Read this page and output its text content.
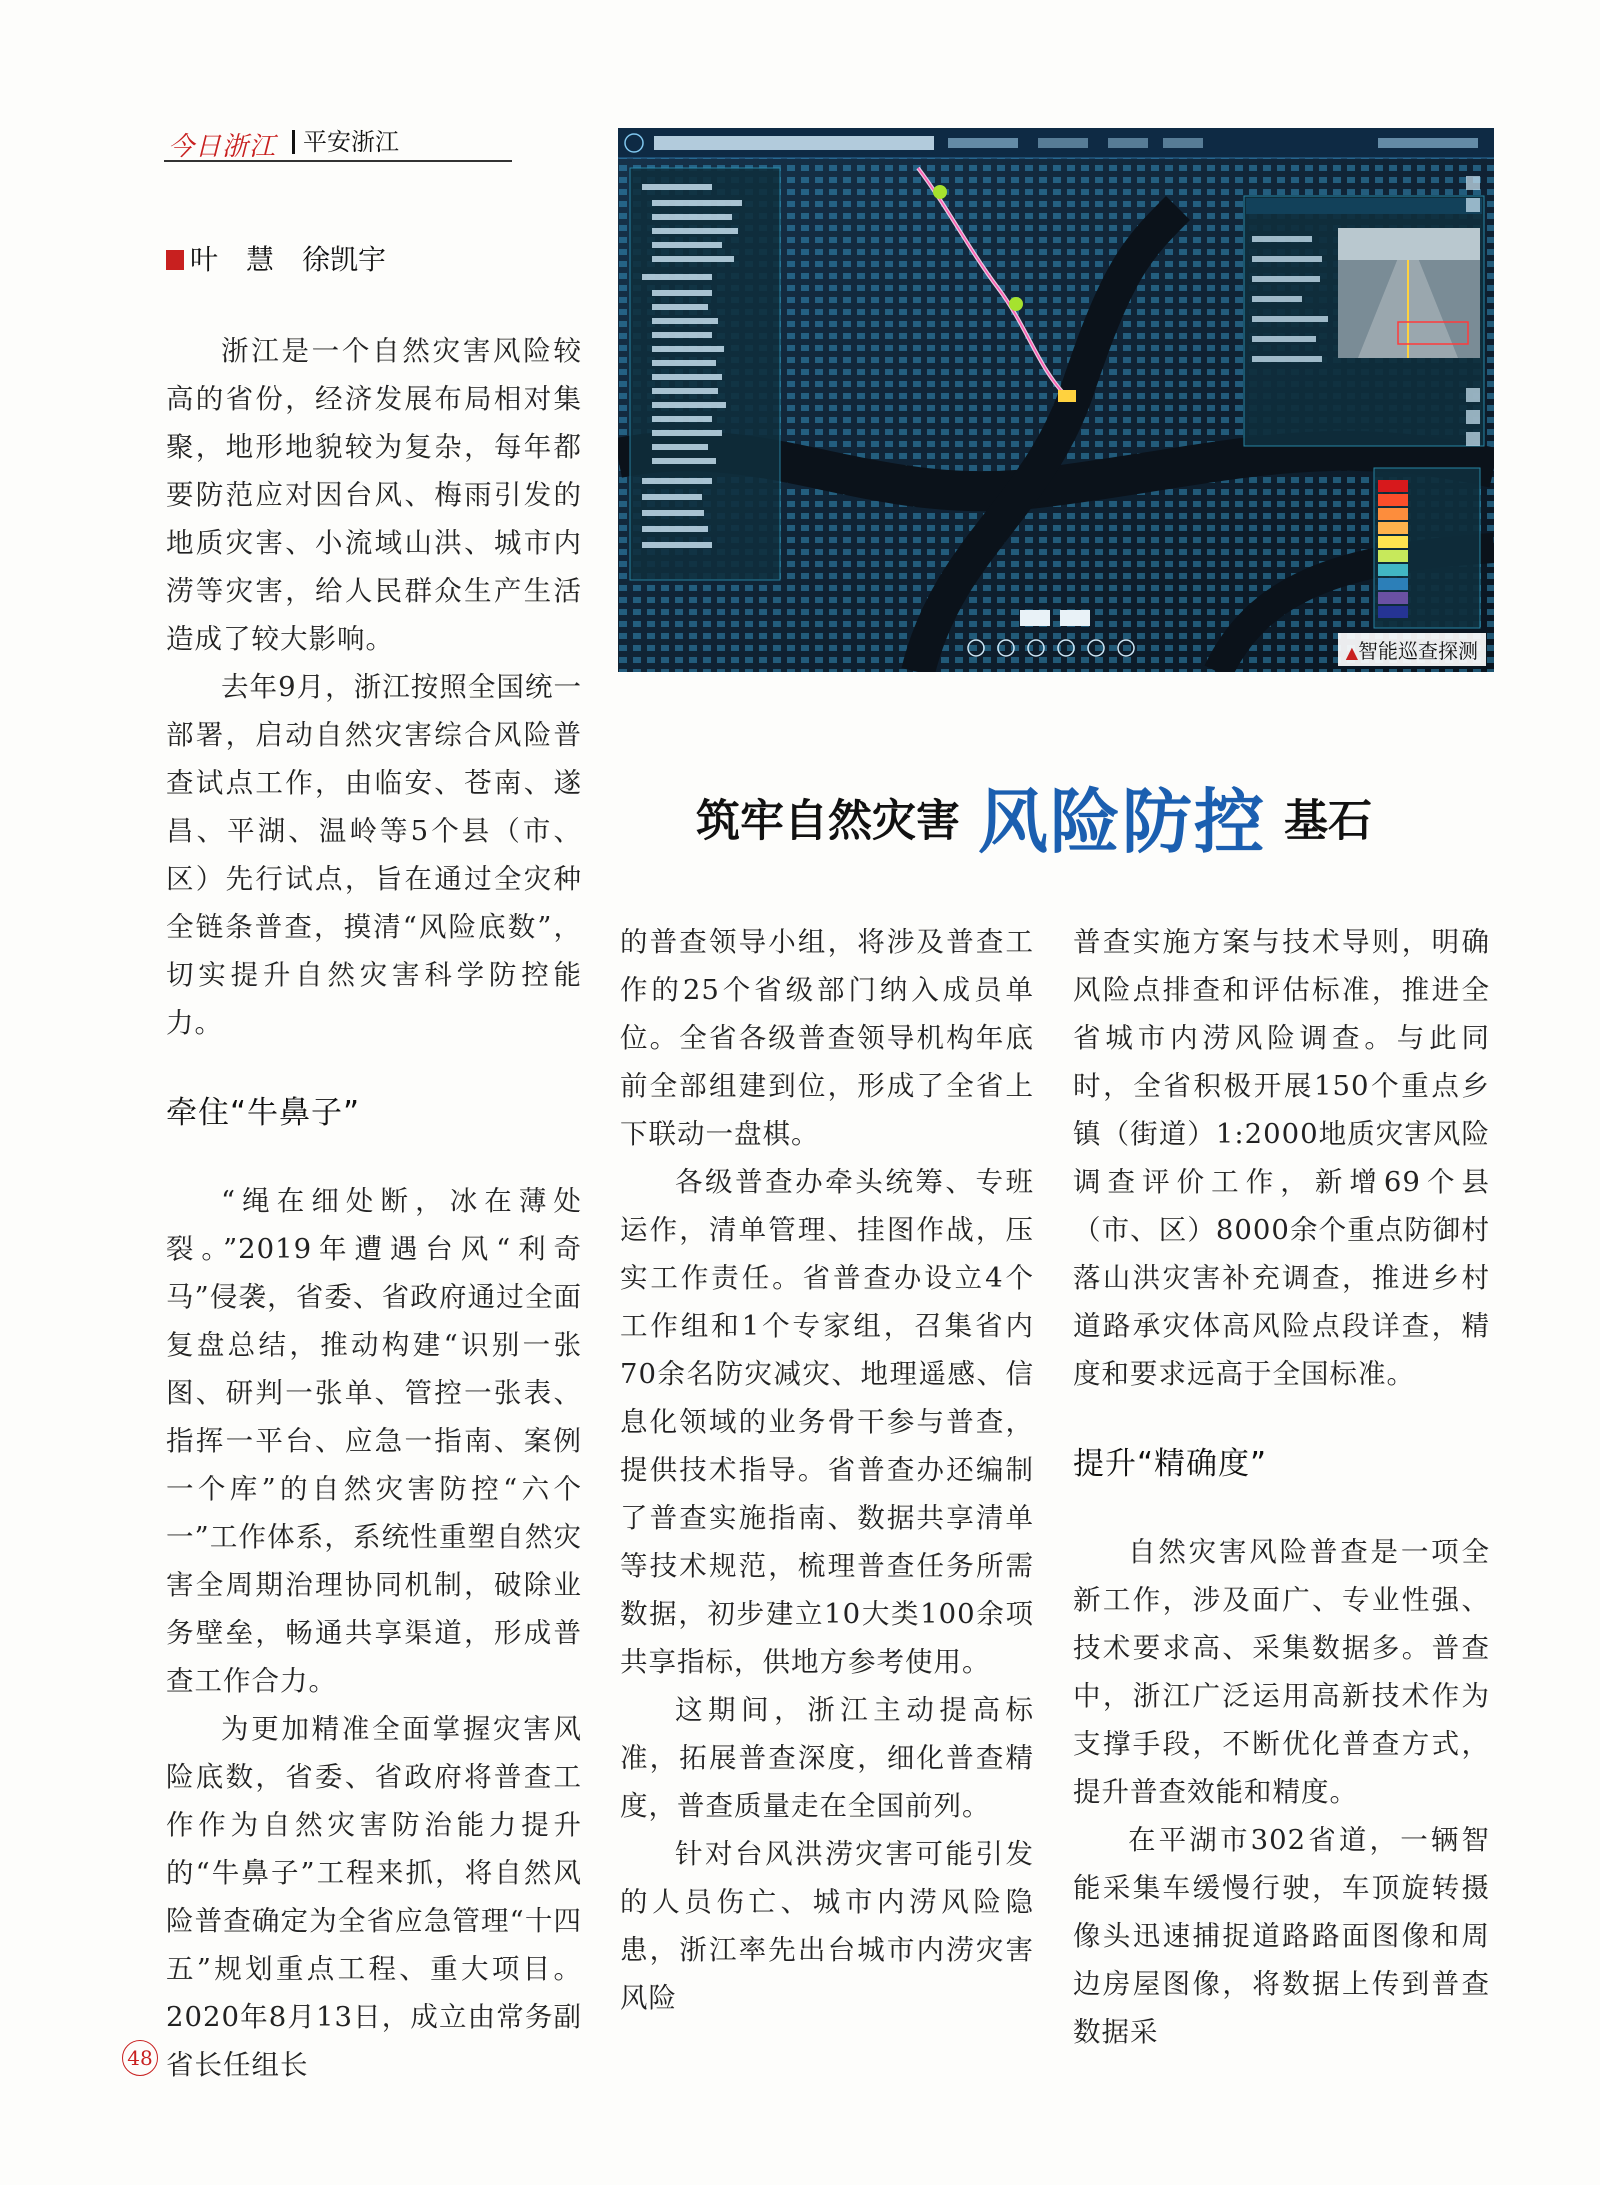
今日浙江	平安浙江
叶　慧　徐凯宇
▲智能巡查探测
筑牢自然灾害 风险防控 基石

浙江是一个自然灾害风险较高的省份，经济发展布局相对集聚，地形地貌较为复杂，每年都要防范应对因台风、梅雨引发的地质灾害、小流域山洪、城市内涝等灾害，给人民群众生产生活造成了较大影响。

去年9月，浙江按照全国统一部署，启动自然灾害综合风险普查试点工作，由临安、苍南、遂昌、平湖、温岭等5个县（市、区）先行试点，旨在通过全灾种全链条普查，摸清“风险底数”，切实提升自然灾害科学防控能力。

牵住“牛鼻子”

“绳在细处断，冰在薄处裂。”2019年遭遇台风“利奇马”侵袭，省委、省政府通过全面复盘总结，推动构建“识别一张图、研判一张单、管控一张表、指挥一平台、应急一指南、案例一个库”的自然灾害防控“六个一”工作体系，系统性重塑自然灾害全周期治理协同机制，破除业务壁垒，畅通共享渠道，形成普查工作合力。

为更加精准全面掌握灾害风险底数，省委、省政府将普查工作作为自然灾害防治能力提升的“牛鼻子”工程来抓，将自然风险普查确定为全省应急管理“十四五”规划重点工程、重大项目。2020年8月13日，成立由常务副省长任组长

的普查领导小组，将涉及普查工作的25个省级部门纳入成员单位。全省各级普查领导机构年底前全部组建到位，形成了全省上下联动一盘棋。

各级普查办牵头统筹、专班运作，清单管理、挂图作战，压实工作责任。省普查办设立4个工作组和1个专家组，召集省内70余名防灾减灾、地理遥感、信息化领域的业务骨干参与普查，提供技术指导。省普查办还编制了普查实施指南、数据共享清单等技术规范，梳理普查任务所需数据，初步建立10大类100余项共享指标，供地方参考使用。

这期间，浙江主动提高标准，拓展普查深度，细化普查精度，普查质量走在全国前列。

针对台风洪涝灾害可能引发的人员伤亡、城市内涝风险隐患，浙江率先出台城市内涝灾害风险

普查实施方案与技术导则，明确风险点排查和评估标准，推进全省城市内涝风险调查。与此同时，全省积极开展150个重点乡镇（街道）1:2000地质灾害风险调查评价工作，新增69个县（市、区）8000余个重点防御村落山洪灾害补充调查，推进乡村道路承灾体高风险点段详查，精度和要求远高于全国标准。

提升“精确度”

自然灾害风险普查是一项全新工作，涉及面广、专业性强、技术要求高、采集数据多。普查中，浙江广泛运用高新技术作为支撑手段，不断优化普查方式，提升普查效能和精度。

在平湖市302省道，一辆智能采集车缓慢行驶，车顶旋转摄像头迅速捕捉道路路面图像和周边房屋图像，将数据上传到普查数据采

48
